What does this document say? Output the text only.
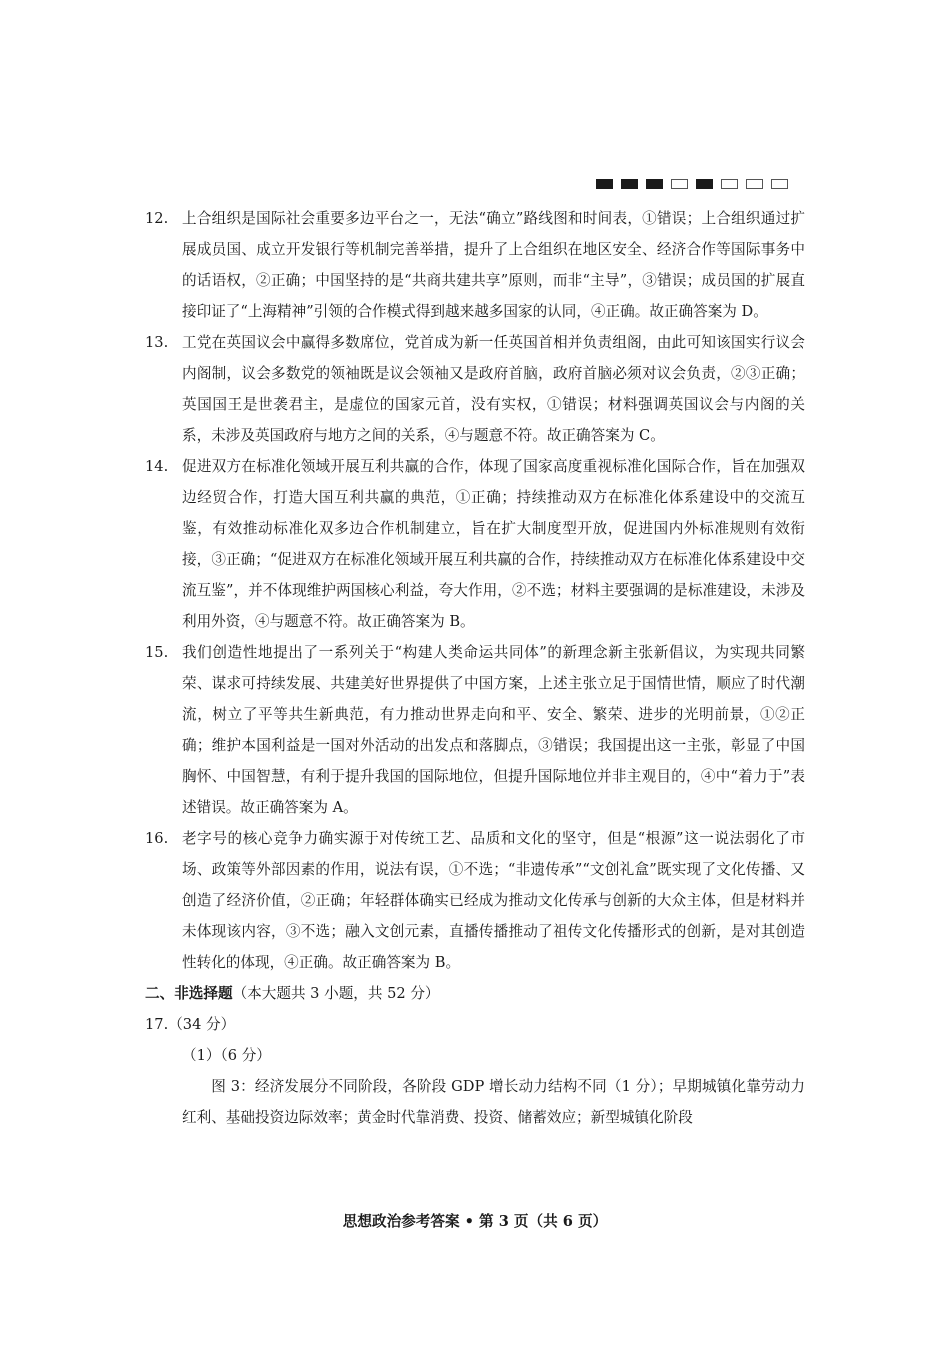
12. 上合组织是国际社会重要多边平台之一，无法“确立”路线图和时间表，①错误；上合组织通过扩展成员国、成立开发银行等机制完善举措，提升了上合组织在地区安全、经济合作等国际事务中的话语权，②正确；中国坚持的是“共商共建共享”原则，而非“主导”，③错误；成员国的扩展直接印证了“上海精神”引领的合作模式得到越来越多国家的认同，④正确。故正确答案为 D。
13. 工党在英国议会中赢得多数席位，党首成为新一任英国首相并负责组阁，由此可知该国实行议会内阁制，议会多数党的领袖既是议会领袖又是政府首脑，政府首脑必须对议会负责，②③正确；英国国王是世袭君主，是虚位的国家元首，没有实权，①错误；材料强调英国议会与内阁的关系，未涉及英国政府与地方之间的关系，④与题意不符。故正确答案为 C。
14. 促进双方在标准化领域开展互利共赢的合作，体现了国家高度重视标准化国际合作，旨在加强双边经贸合作，打造大国互利共赢的典范，①正确；持续推动双方在标准化体系建设中的交流互鉴，有效推动标准化双多边合作机制建立，旨在扩大制度型开放，促进国内外标准规则有效衔接，③正确；“促进双方在标准化领域开展互利共赢的合作，持续推动双方在标准化体系建设中交流互鉴”，并不体现维护两国核心利益，夸大作用，②不选；材料主要强调的是标准建设，未涉及利用外资，④与题意不符。故正确答案为 B。
15. 我们创造性地提出了一系列关于“构建人类命运共同体”的新理念新主张新倡议，为实现共同繁荣、谋求可持续发展、共建美好世界提供了中国方案，上述主张立足于国情世情，顺应了时代潮流，树立了平等共生新典范，有力推动世界走向和平、安全、繁荣、进步的光明前景，①②正确；维护本国利益是一国对外活动的出发点和落脚点，③错误；我国提出这一主张，彰显了中国胸怀、中国智慧，有利于提升我国的国际地位，但提升国际地位并非主观目的，④中“着力于”表述错误。故正确答案为 A。
16. 老字号的核心竞争力确实源于对传统工艺、品质和文化的坚守，但是“根源”这一说法弱化了市场、政策等外部因素的作用，说法有误，①不选；“非遗传承”“文创礼盒”既实现了文化传播、又创造了经济价值，②正确；年轻群体确实已经成为推动文化传承与创新的大众主体，但是材料并未体现该内容，③不选；融入文创元素，直播传播推动了祖传文化传播形式的创新，是对其创造性转化的体现，④正确。故正确答案为 B。
二、非选择题（本大题共 3 小题，共 52 分）
17.（34 分）
（1）（6 分）
图 3：经济发展分不同阶段，各阶段 GDP 增长动力结构不同（1 分）；早期城镇化靠劳动力红利、基础投资边际效率；黄金时代靠消费、投资、储蓄效应；新型城镇化阶段
思想政治参考答案 • 第 3 页（共 6 页）
